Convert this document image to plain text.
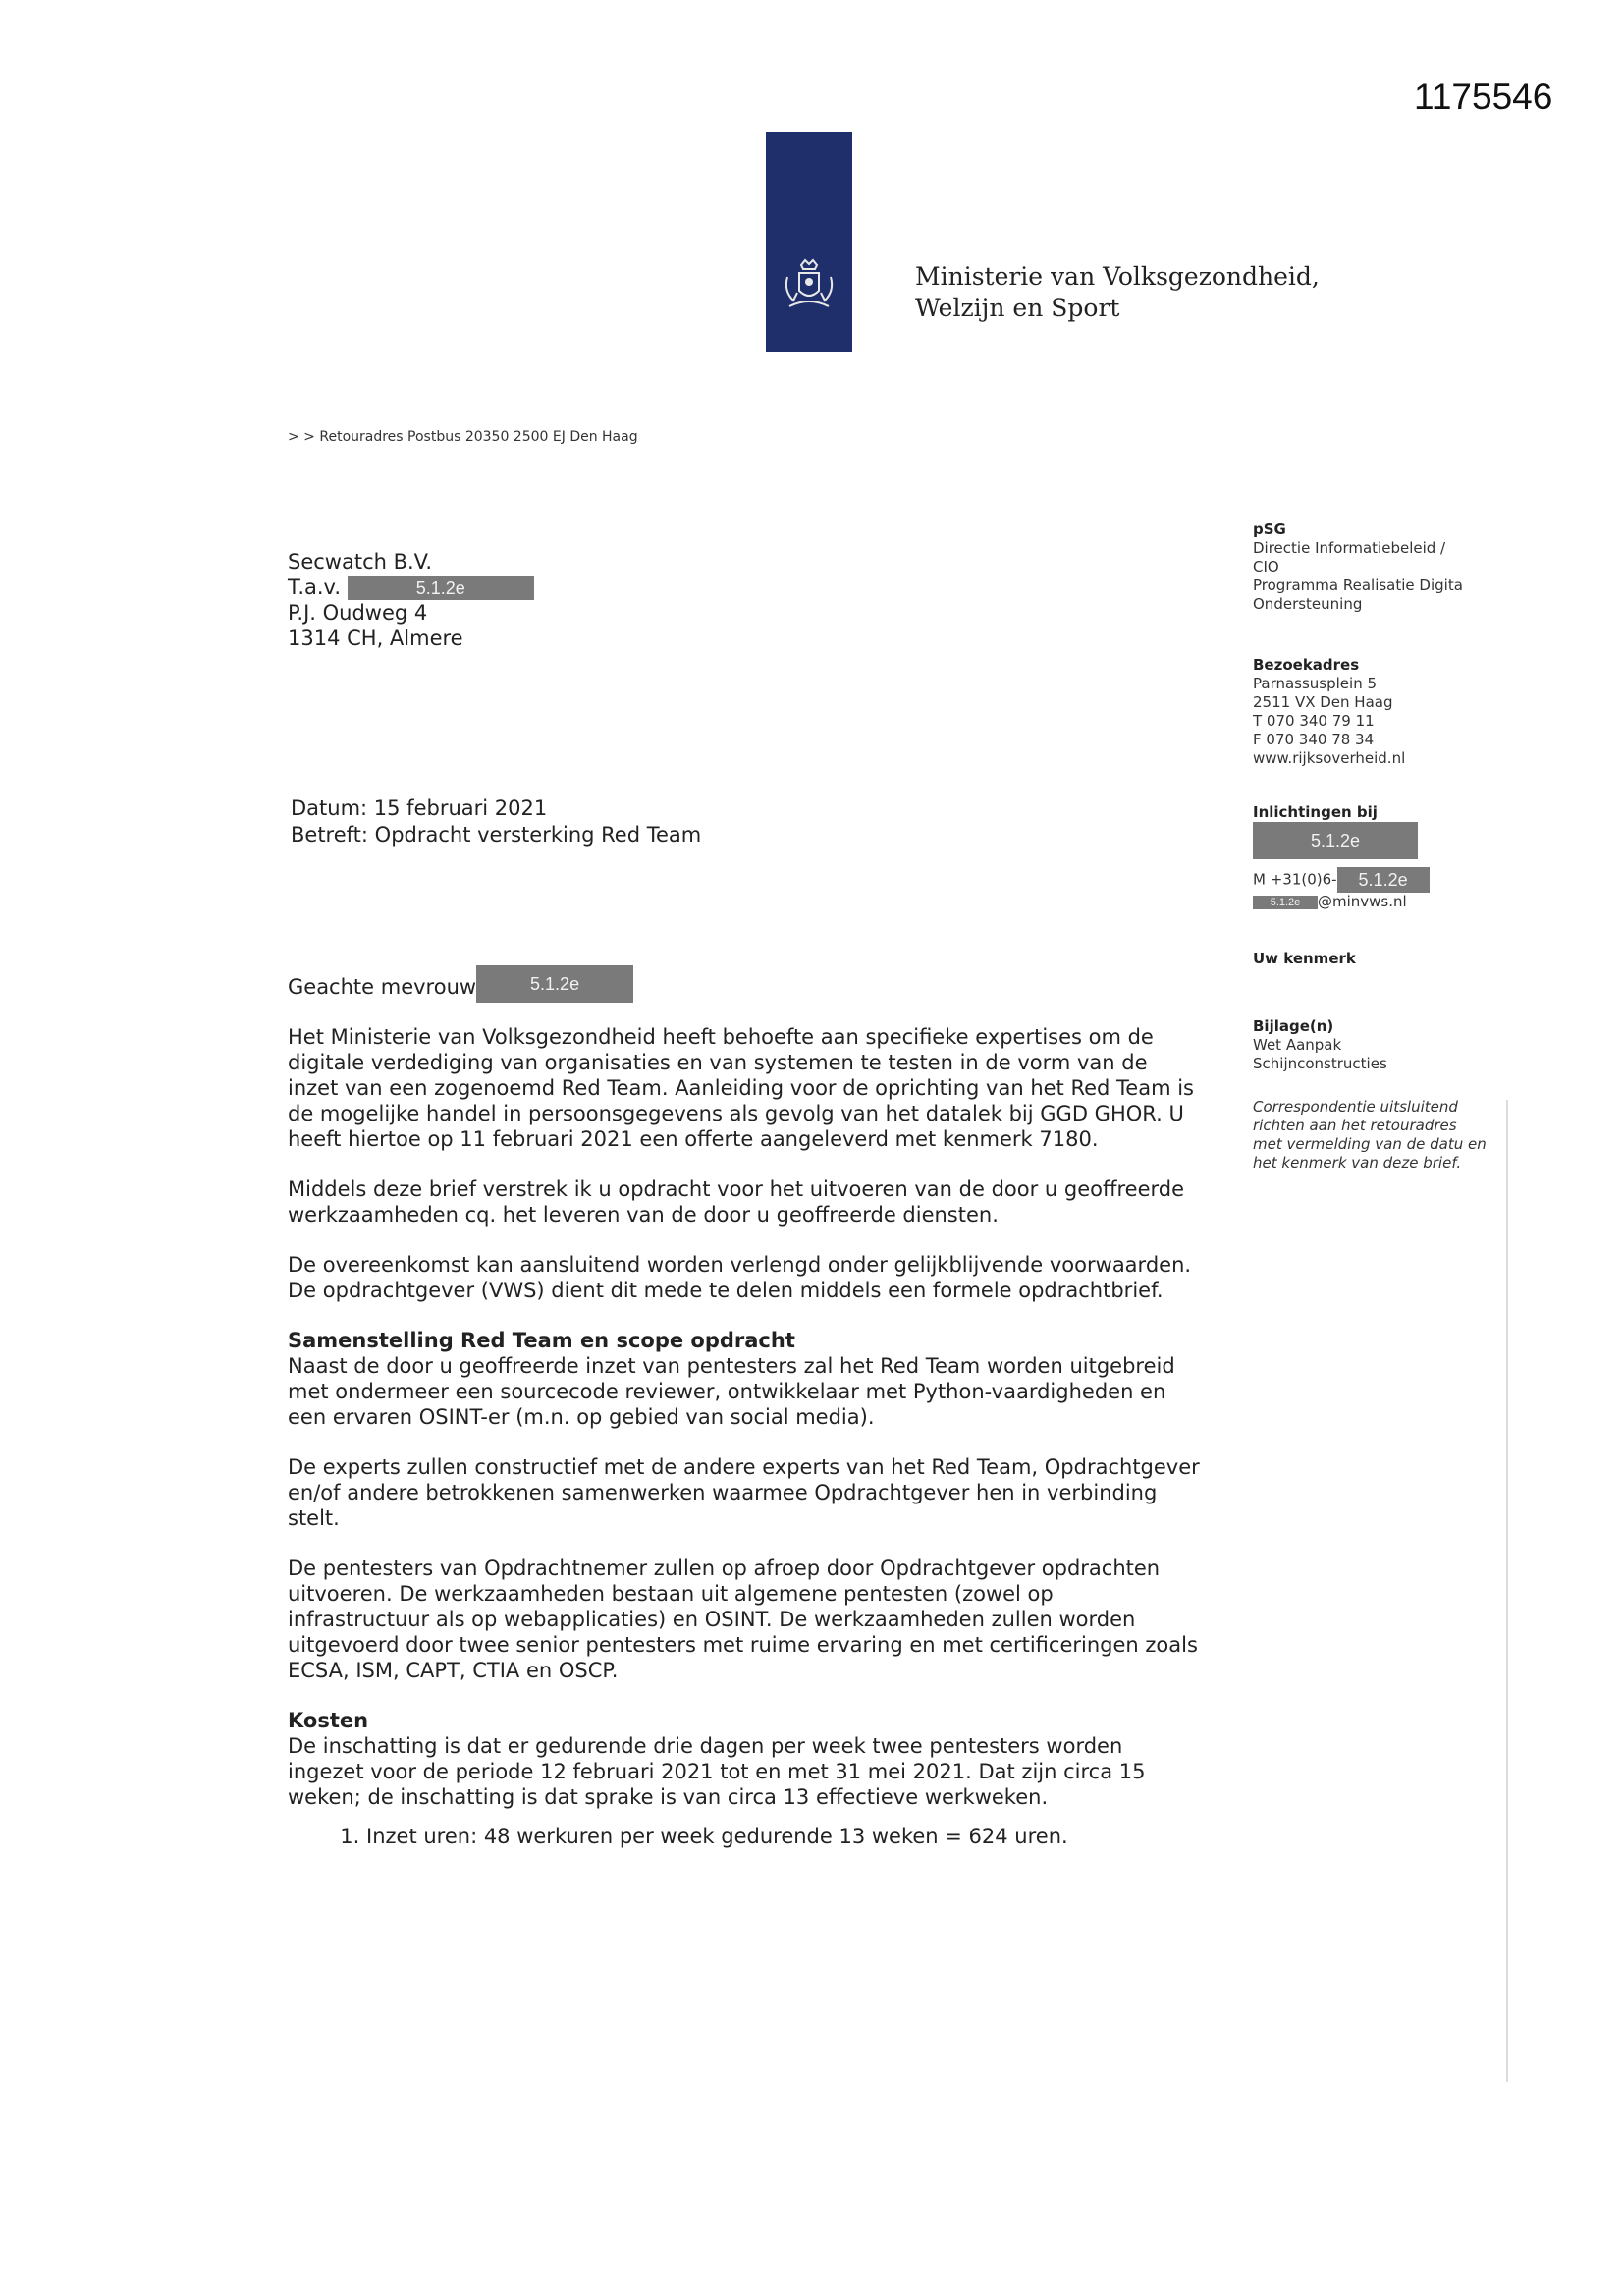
1175546
Ministerie van Volksgezondheid,
Welzijn en Sport
> > Retouradres Postbus 20350 2500 EJ Den Haag
Secwatch B.V.
T.a.v.	5.1.2e
P.J. Oudweg 4
1314 CH, Almere
Datum: 15 februari 2021
Betreft: Opdracht versterking Red Team
Geachte mevrouw	5.1.2e

Het Ministerie van Volksgezondheid heeft behoefte aan specifieke expertises om de digitale verdediging van organisaties en van systemen te testen in de vorm van de inzet van een zogenoemd Red Team. Aanleiding voor de oprichting van het Red Team is de mogelijke handel in persoonsgegevens als gevolg van het datalek bij GGD GHOR. U heeft hiertoe op 11 februari 2021 een offerte aangeleverd met kenmerk 7180.

Middels deze brief verstrek ik u opdracht voor het uitvoeren van de door u geoffreerde werkzaamheden cq. het leveren van de door u geoffreerde diensten.

De overeenkomst kan aansluitend worden verlengd onder gelijkblijvende voorwaarden. De opdrachtgever (VWS) dient dit mede te delen middels een formele opdrachtbrief.

Samenstelling Red Team en scope opdracht
Naast de door u geoffreerde inzet van pentesters zal het Red Team worden uitgebreid met ondermeer een sourcecode reviewer, ontwikkelaar met Python-vaardigheden en een ervaren OSINT-er (m.n. op gebied van social media).

De experts zullen constructief met de andere experts van het Red Team, Opdrachtgever en/of andere betrokkenen samenwerken waarmee Opdrachtgever hen in verbinding stelt.

De pentesters van Opdrachtnemer zullen op afroep door Opdrachtgever opdrachten uitvoeren. De werkzaamheden bestaan uit algemene pentesten (zowel op infrastructuur als op webapplicaties) en OSINT. De werkzaamheden zullen worden uitgevoerd door twee senior pentesters met ruime ervaring en met certificeringen zoals ECSA, ISM, CAPT, CTIA en OSCP.

Kosten
De inschatting is dat er gedurende drie dagen per week twee pentesters worden ingezet voor de periode 12 februari 2021 tot en met 31 mei 2021. Dat zijn circa 15 weken; de inschatting is dat sprake is van circa 13 effectieve werkweken.
1. Inzet uren: 48 werkuren per week gedurende 13 weken = 624 uren.
pSG
Directie Informatiebeleid /
CIO
Programma Realisatie Digita
Ondersteuning
Bezoekadres
Parnassusplein 5
2511 VX Den Haag
T 070 340 79 11
F 070 340 78 34
www.rijksoverheid.nl
Inlichtingen bij
5.1.2e
M +31(0)6- 5.1.2e
5.1.2e @minvws.nl
Uw kenmerk
Bijlage(n)
Wet Aanpak
Schijnconstructies
Correspondentie uitsluitend richten aan het retouradres met vermelding van de datu en het kenmerk van deze brief.
